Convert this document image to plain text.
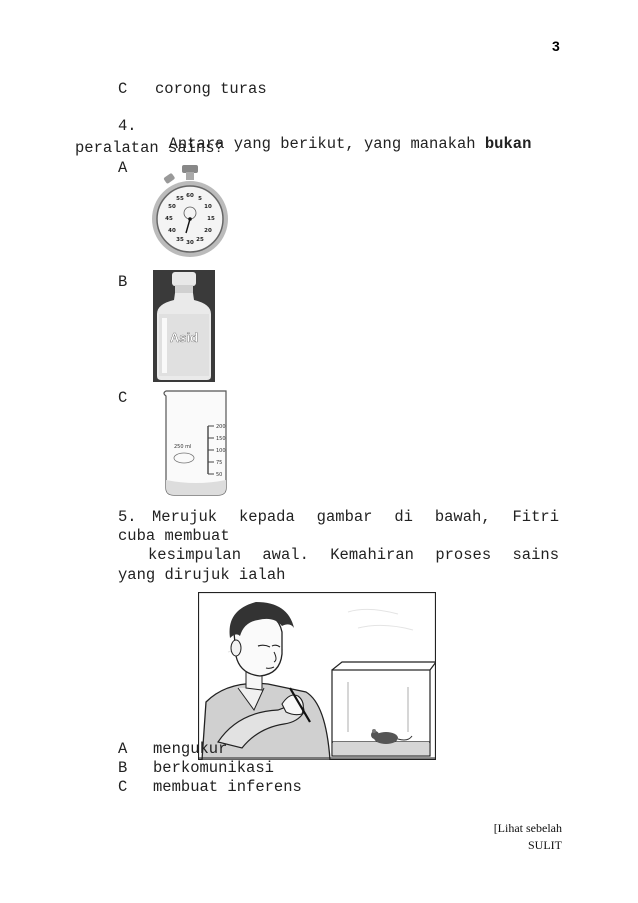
3
C corong turas
4.

Antara yang berikut, yang manakah bukan

peralatan sains?
A
60
55	5
50	10
45	15
40	20
35 25
30
B
Asid
C
200
150
100
75
50
250 ml
5. Merujuk kepada gambar di bawah, Fitri
cuba membuat
kesimpulan awal. Kemahiran proses sains
yang dirujuk ialah
A mengukur
B berkomunikasi
C membuat inferens
[Lihat sebelah
SULIT
